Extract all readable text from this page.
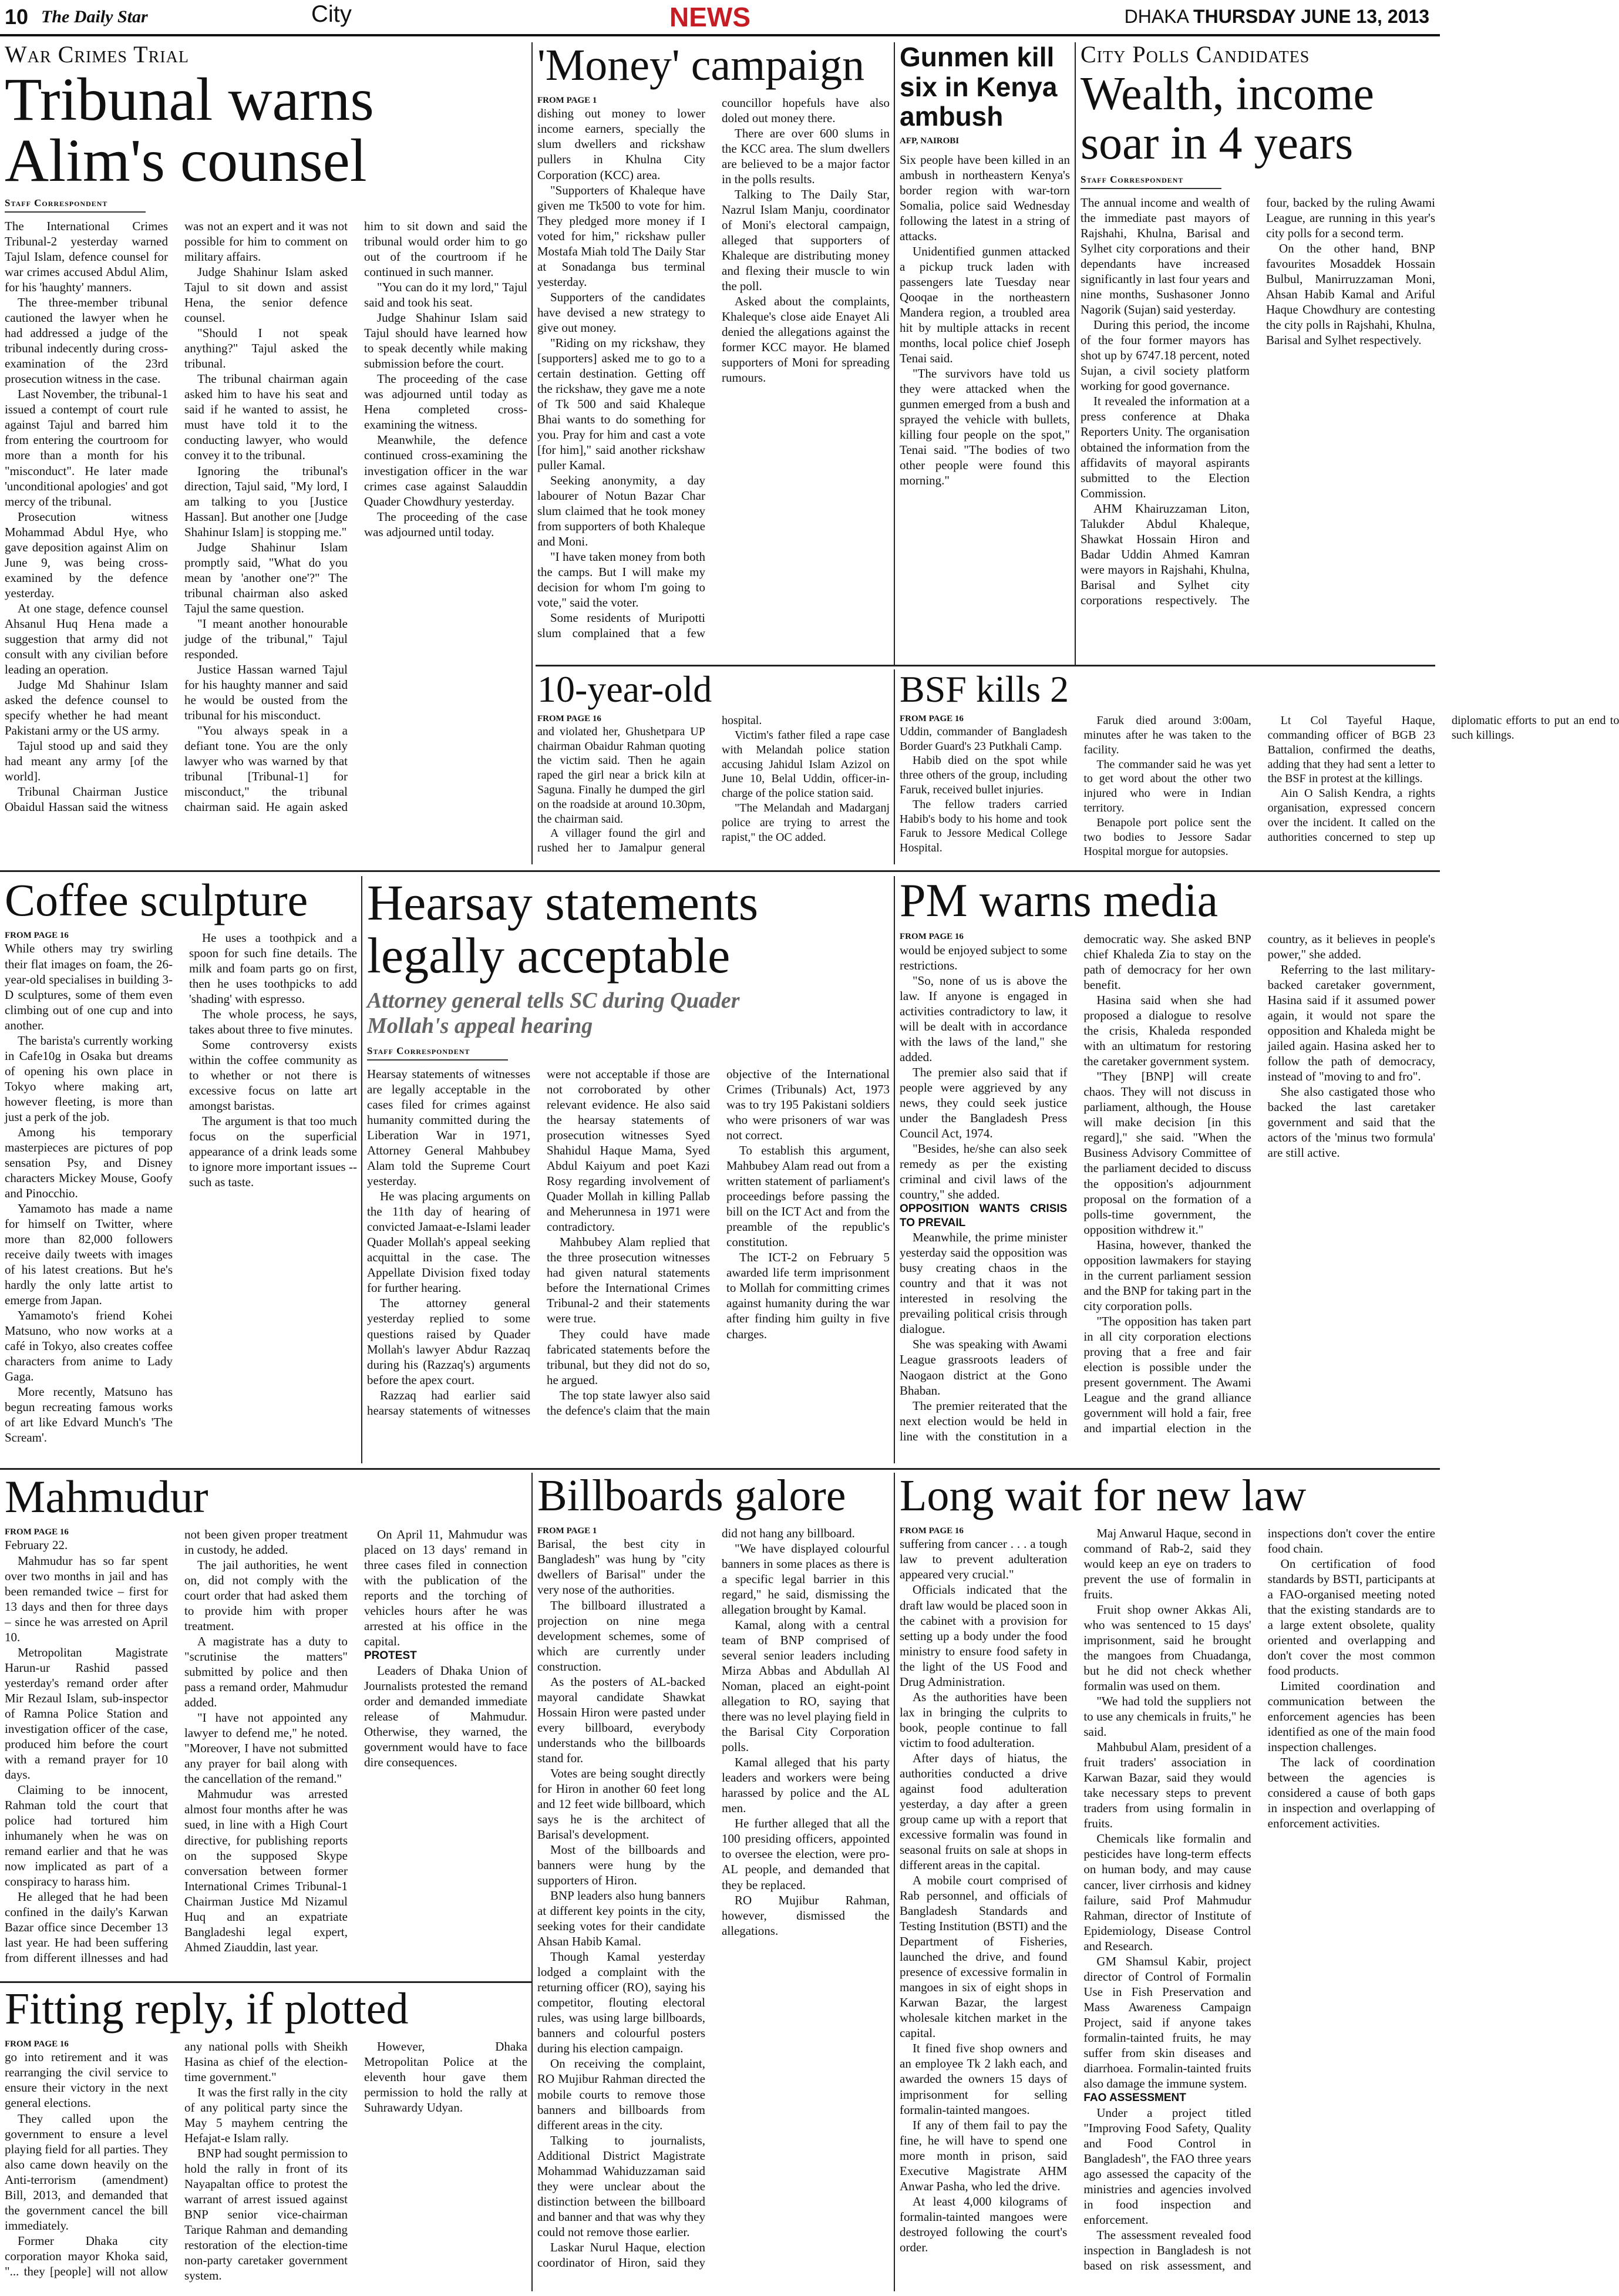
10 The Daily Star	City	NEWS	DHAKA THURSDAY JUNE 13, 2013
War Crimes Trial
Tribunal warns Alim's counsel
Staff Correspondent

The International Crimes Tribunal-2 yesterday warned Tajul Islam, defence counsel for war crimes accused Abdul Alim, for his 'haughty' manners.

The three-member tribunal cautioned the lawyer when he had addressed a judge of the tribunal indecently during cross-examination of the 23rd prosecution witness in the case.

Last November, the tribunal-1 issued a contempt of court rule against Tajul and barred him from entering the courtroom for more than a month for his "misconduct". He later made 'unconditional apologies' and got mercy of the tribunal.

Prosecution witness Mohammad Abdul Hye, who gave deposition against Alim on June 9, was being cross-examined by the defence yesterday.

At one stage, defence counsel Ahsanul Huq Hena made a suggestion that army did not consult with any civilian before leading an operation.

Judge Md Shahinur Islam asked the defence counsel to specify whether he had meant Pakistani army or the US army.

Tajul stood up and said they had meant any army [of the world].

Tribunal Chairman Justice Obaidul Hassan said the witness was not an expert and it was not possible for him to comment on military affairs.

Judge Shahinur Islam asked Tajul to sit down and assist Hena, the senior defence counsel.

"Should I not speak anything?" Tajul asked the tribunal.

The tribunal chairman again asked him to have his seat and said if he wanted to assist, he must have told it to the conducting lawyer, who would convey it to the tribunal.

Ignoring the tribunal's direction, Tajul said, "My lord, I am talking to you [Justice Hassan]. But another one [Judge Shahinur Islam] is stopping me."

Judge Shahinur Islam promptly said, "What do you mean by 'another one'?" The tribunal chairman also asked Tajul the same question.

"I meant another honourable judge of the tribunal," Tajul responded.

Justice Hassan warned Tajul for his haughty manner and said he would be ousted from the tribunal for his misconduct.

"You always speak in a defiant tone. You are the only lawyer who was warned by that tribunal [Tribunal-1] for misconduct," the tribunal chairman said. He again asked him to sit down and said the tribunal would order him to go out of the courtroom if he continued in such manner.

"You can do it my lord," Tajul said and took his seat.

Judge Shahinur Islam said Tajul should have learned how to speak decently while making submission before the court.

The proceeding of the case was adjourned until today as Hena completed cross-examining the witness.

Meanwhile, the defence continued cross-examining the investigation officer in the war crimes case against Salauddin Quader Chowdhury yesterday.

The proceeding of the case was adjourned until today.

'Money' campaign

FROM PAGE 1

dishing out money to lower income earners, specially the slum dwellers and rickshaw pullers in Khulna City Corporation (KCC) area.

"Supporters of Khaleque have given me Tk500 to vote for him. They pledged more money if I voted for him," rickshaw puller Mostafa Miah told The Daily Star at Sonadanga bus terminal yesterday.

Supporters of the candidates have devised a new strategy to give out money.

"Riding on my rickshaw, they [supporters] asked me to go to a certain destination. Getting off the rickshaw, they gave me a note of Tk 500 and said Khaleque Bhai wants to do something for you. Pray for him and cast a vote [for him]," said another rickshaw puller Kamal.

Seeking anonymity, a day labourer of Notun Bazar Char slum claimed that he took money from supporters of both Khaleque and Moni.

"I have taken money from both the camps. But I will make my decision for whom I'm going to vote," said the voter.

Some residents of Muripotti slum complained that a few councillor hopefuls have also doled out money there.

There are over 600 slums in the KCC area. The slum dwellers are believed to be a major factor in the polls results.

Talking to The Daily Star, Nazrul Islam Manju, coordinator of Moni's electoral campaign, alleged that supporters of Khaleque are distributing money and flexing their muscle to win the poll.

Asked about the complaints, Khaleque's close aide Enayet Ali denied the allegations against the former KCC mayor. He blamed supporters of Moni for spreading rumours.

Gunmen kill six in Kenya ambush

AFP, NAIROBI

Six people have been killed in an ambush in northeastern Kenya's border region with war-torn Somalia, police said Wednesday following the latest in a string of attacks.

Unidentified gunmen attacked a pickup truck laden with passengers late Tuesday near Qooqae in the northeastern Mandera region, a troubled area hit by multiple attacks in recent months, local police chief Joseph Tenai said.

"The survivors have told us they were attacked when the gunmen emerged from a bush and sprayed the vehicle with bullets, killing four people on the spot," Tenai said. "The bodies of two other people were found this morning."

City Polls Candidates
Wealth, income soar in 4 years
Staff Correspondent

The annual income and wealth of the immediate past mayors of Rajshahi, Khulna, Barisal and Sylhet city corporations and their dependants have increased significantly in last four years and nine months, Sushasoner Jonno Nagorik (Sujan) said yesterday.

During this period, the income of the four former mayors has shot up by 6747.18 percent, noted Sujan, a civil society platform working for good governance.

It revealed the information at a press conference at Dhaka Reporters Unity. The organisation obtained the information from the affidavits of mayoral aspirants submitted to the Election Commission.

AHM Khairuzzaman Liton, Talukder Abdul Khaleque, Shawkat Hossain Hiron and Badar Uddin Ahmed Kamran were mayors in Rajshahi, Khulna, Barisal and Sylhet city corporations respectively. The four, backed by the ruling Awami League, are running in this year's city polls for a second term.

On the other hand, BNP favourites Mosaddek Hossain Bulbul, Manirruzzaman Moni, Ahsan Habib Kamal and Ariful Haque Chowdhury are contesting the city polls in Rajshahi, Khulna, Barisal and Sylhet respectively.

10-year-old

FROM PAGE 16

and violated her, Ghushetpara UP chairman Obaidur Rahman quoting the victim said. Then he again raped the girl near a brick kiln at Saguna. Finally he dumped the girl on the roadside at around 10.30pm, the chairman said.

A villager found the girl and rushed her to Jamalpur general hospital.

Victim's father filed a rape case with Melandah police station accusing Jahidul Islam Azizol on June 10, Belal Uddin, officer-in-charge of the police station said.

"The Melandah and Madarganj police are trying to arrest the rapist," the OC added.

BSF kills 2

FROM PAGE 16

Uddin, commander of Bangladesh Border Guard's 23 Putkhali Camp.

Habib died on the spot while three others of the group, including Faruk, received bullet injuries.

The fellow traders carried Habib's body to his home and took Faruk to Jessore Medical College Hospital.

Faruk died around 3:00am, minutes after he was taken to the facility.

The commander said he was yet to get word about the other two injured who were in Indian territory.

Benapole port police sent the two bodies to Jessore Sadar Hospital morgue for autopsies.

Lt Col Tayeful Haque, commanding officer of BGB 23 Battalion, confirmed the deaths, adding that they had sent a letter to the BSF in protest at the killings.

Ain O Salish Kendra, a rights organisation, expressed concern over the incident. It called on the authorities concerned to step up diplomatic efforts to put an end to such killings.

Coffee sculpture

FROM PAGE 16

While others may try swirling their flat images on foam, the 26-year-old specialises in building 3-D sculptures, some of them even climbing out of one cup and into another.

The barista's currently working in Cafe10g in Osaka but dreams of opening his own place in Tokyo where making art, however fleeting, is more than just a perk of the job.

Among his temporary masterpieces are pictures of pop sensation Psy, and Disney characters Mickey Mouse, Goofy and Pinocchio.

Yamamoto has made a name for himself on Twitter, where more than 82,000 followers receive daily tweets with images of his latest creations. But he's hardly the only latte artist to emerge from Japan.

Yamamoto's friend Kohei Matsuno, who now works at a café in Tokyo, also creates coffee characters from anime to Lady Gaga.

More recently, Matsuno has begun recreating famous works of art like Edvard Munch's 'The Scream'.

He uses a toothpick and a spoon for such fine details. The milk and foam parts go on first, then he uses toothpicks to add 'shading' with espresso.

The whole process, he says, takes about three to five minutes.

Some controversy exists within the coffee community as to whether or not there is excessive focus on latte art amongst baristas.

The argument is that too much focus on the superficial appearance of a drink leads some to ignore more important issues -- such as taste.

Hearsay statements legally acceptable
Attorney general tells SC during Quader Mollah's appeal hearing
Staff Correspondent

Hearsay statements of witnesses are legally acceptable in the cases filed for crimes against humanity committed during the Liberation War in 1971, Attorney General Mahbubey Alam told the Supreme Court yesterday.

He was placing arguments on the 11th day of hearing of convicted Jamaat-e-Islami leader Quader Mollah's appeal seeking acquittal in the case. The Appellate Division fixed today for further hearing.

The attorney general yesterday replied to some questions raised by Quader Mollah's lawyer Abdur Razzaq during his (Razzaq's) arguments before the apex court.

Razzaq had earlier said hearsay statements of witnesses were not acceptable if those are not corroborated by other relevant evidence. He also said the hearsay statements of prosecution witnesses Syed Shahidul Haque Mama, Syed Abdul Kaiyum and poet Kazi Rosy regarding involvement of Quader Mollah in killing Pallab and Meherunnesa in 1971 were contradictory.

Mahbubey Alam replied that the three prosecution witnesses had given natural statements before the International Crimes Tribunal-2 and their statements were true.

They could have made fabricated statements before the tribunal, but they did not do so, he argued.

The top state lawyer also said the defence's claim that the main objective of the International Crimes (Tribunals) Act, 1973 was to try 195 Pakistani soldiers who were prisoners of war was not correct.

To establish this argument, Mahbubey Alam read out from a written statement of parliament's proceedings before passing the bill on the ICT Act and from the preamble of the republic's constitution.

The ICT-2 on February 5 awarded life term imprisonment to Mollah for committing crimes against humanity during the war after finding him guilty in five charges.

PM warns media

FROM PAGE 16

would be enjoyed subject to some restrictions.

"So, none of us is above the law. If anyone is engaged in activities contradictory to law, it will be dealt with in accordance with the laws of the land," she added.

The premier also said that if people were aggrieved by any news, they could seek justice under the Bangladesh Press Council Act, 1974.

"Besides, he/she can also seek remedy as per the existing criminal and civil laws of the country," she added.

OPPOSITION WANTS CRISIS TO PREVAIL

Meanwhile, the prime minister yesterday said the opposition was busy creating chaos in the country and that it was not interested in resolving the prevailing political crisis through dialogue.

She was speaking with Awami League grassroots leaders of Naogaon district at the Gono Bhaban.

The premier reiterated that the next election would be held in line with the constitution in a democratic way. She asked BNP chief Khaleda Zia to stay on the path of democracy for her own benefit.

Hasina said when she had proposed a dialogue to resolve the crisis, Khaleda responded with an ultimatum for restoring the caretaker government system.

"They [BNP] will create chaos. They will not discuss in parliament, although, the House will make decision [in this regard]," she said. "When the Business Advisory Committee of the parliament decided to discuss the opposition's adjournment proposal on the formation of a polls-time government, the opposition withdrew it."

Hasina, however, thanked the opposition lawmakers for staying in the current parliament session and the BNP for taking part in the city corporation polls.

"The opposition has taken part in all city corporation elections proving that a free and fair election is possible under the present government. The Awami League and the grand alliance government will hold a fair, free and impartial election in the country, as it believes in people's power," she added.

Referring to the last military-backed caretaker government, Hasina said if it assumed power again, it would not spare the opposition and Khaleda might be jailed again. Hasina asked her to follow the path of democracy, instead of "moving to and fro".

She also castigated those who backed the last caretaker government and said that the actors of the 'minus two formula' are still active.

Mahmudur

FROM PAGE 16

February 22.

Mahmudur has so far spent over two months in jail and has been remanded twice – first for 13 days and then for three days – since he was arrested on April 10.

Metropolitan Magistrate Harun-ur Rashid passed yesterday's remand order after Mir Rezaul Islam, sub-inspector of Ramna Police Station and investigation officer of the case, produced him before the court with a remand prayer for 10 days.

Claiming to be innocent, Rahman told the court that police had tortured him inhumanely when he was on remand earlier and that he was now implicated as part of a conspiracy to harass him.

He alleged that he had been confined in the daily's Karwan Bazar office since December 13 last year. He had been suffering from different illnesses and had not been given proper treatment in custody, he added.

The jail authorities, he went on, did not comply with the court order that had asked them to provide him with proper treatment.

A magistrate has a duty to "scrutinise the matters" submitted by police and then pass a remand order, Mahmudur added.

"I have not appointed any lawyer to defend me," he noted. "Moreover, I have not submitted any prayer for bail along with the cancellation of the remand."

Mahmudur was arrested almost four months after he was sued, in line with a High Court directive, for publishing reports on the supposed Skype conversation between former International Crimes Tribunal-1 Chairman Justice Md Nizamul Huq and an expatriate Bangladeshi legal expert, Ahmed Ziauddin, last year.

On April 11, Mahmudur was placed on 13 days' remand in three cases filed in connection with the publication of the reports and the torching of vehicles hours after he was arrested at his office in the capital.

PROTEST

Leaders of Dhaka Union of Journalists protested the remand order and demanded immediate release of Mahmudur. Otherwise, they warned, the government would have to face dire consequences.

Fitting reply, if plotted

FROM PAGE 16

go into retirement and it was rearranging the civil service to ensure their victory in the next general elections.

They called upon the government to ensure a level playing field for all parties. They also came down heavily on the Anti-terrorism (amendment) Bill, 2013, and demanded that the government cancel the bill immediately.

Former Dhaka city corporation mayor Khoka said, "... they [people] will not allow any national polls with Sheikh Hasina as chief of the election-time government."

It was the first rally in the city of any political party since the May 5 mayhem centring the Hefajat-e Islam rally.

BNP had sought permission to hold the rally in front of its Nayapaltan office to protest the warrant of arrest issued against BNP senior vice-chairman Tarique Rahman and demanding restoration of the election-time non-party caretaker government system.

However, Dhaka Metropolitan Police at the eleventh hour gave them permission to hold the rally at Suhrawardy Udyan.

Billboards galore

FROM PAGE 1

Barisal, the best city in Bangladesh" was hung by "city dwellers of Barisal" under the very nose of the authorities.

The billboard illustrated a projection on nine mega development schemes, some of which are currently under construction.

As the posters of AL-backed mayoral candidate Shawkat Hossain Hiron were pasted under every billboard, everybody understands who the billboards stand for.

Votes are being sought directly for Hiron in another 60 feet long and 12 feet wide billboard, which says he is the architect of Barisal's development.

Most of the billboards and banners were hung by the supporters of Hiron.

BNP leaders also hung banners at different key points in the city, seeking votes for their candidate Ahsan Habib Kamal.

Though Kamal yesterday lodged a complaint with the returning officer (RO), saying his competitor, flouting electoral rules, was using large billboards, banners and colourful posters during his election campaign.

On receiving the complaint, RO Mujibur Rahman directed the mobile courts to remove those banners and billboards from different areas in the city.

Talking to journalists, Additional District Magistrate Mohammad Wahiduzzaman said they were unclear about the distinction between the billboard and banner and that was why they could not remove those earlier.

Laskar Nurul Haque, election coordinator of Hiron, said they did not hang any billboard.

"We have displayed colourful banners in some places as there is a specific legal barrier in this regard," he said, dismissing the allegation brought by Kamal.

Kamal, along with a central team of BNP comprised of several senior leaders including Mirza Abbas and Abdullah Al Noman, placed an eight-point allegation to RO, saying that there was no level playing field in the Barisal City Corporation polls.

Kamal alleged that his party leaders and workers were being harassed by police and the AL men.

He further alleged that all the 100 presiding officers, appointed to oversee the election, were pro-AL people, and demanded that they be replaced.

RO Mujibur Rahman, however, dismissed the allegations.

Long wait for new law

FROM PAGE 16

suffering from cancer . . . a tough law to prevent adulteration appeared very crucial."

Officials indicated that the draft law would be placed soon in the cabinet with a provision for setting up a body under the food ministry to ensure food safety in the light of the US Food and Drug Administration.

As the authorities have been lax in bringing the culprits to book, people continue to fall victim to food adulteration.

After days of hiatus, the authorities conducted a drive against food adulteration yesterday, a day after a green group came up with a report that excessive formalin was found in seasonal fruits on sale at shops in different areas in the capital.

A mobile court comprised of Rab personnel, and officials of Bangladesh Standards and Testing Institution (BSTI) and the Department of Fisheries, launched the drive, and found presence of excessive formalin in mangoes in six of eight shops in Karwan Bazar, the largest wholesale kitchen market in the capital.

It fined five shop owners and an employee Tk 2 lakh each, and awarded the owners 15 days of imprisonment for selling formalin-tainted mangoes.

If any of them fail to pay the fine, he will have to spend one more month in prison, said Executive Magistrate AHM Anwar Pasha, who led the drive.

At least 4,000 kilograms of formalin-tainted mangoes were destroyed following the court's order.

Maj Anwarul Haque, second in command of Rab-2, said they would keep an eye on traders to prevent the use of formalin in fruits.

Fruit shop owner Akkas Ali, who was sentenced to 15 days' imprisonment, said he brought the mangoes from Chuadanga, but he did not check whether formalin was used on them.

"We had told the suppliers not to use any chemicals in fruits," he said.

Mahbubul Alam, president of a fruit traders' association in Karwan Bazar, said they would take necessary steps to prevent traders from using formalin in fruits.

Chemicals like formalin and pesticides have long-term effects on human body, and may cause cancer, liver cirrhosis and kidney failure, said Prof Mahmudur Rahman, director of Institute of Epidemiology, Disease Control and Research.

GM Shamsul Kabir, project director of Control of Formalin Use in Fish Preservation and Mass Awareness Campaign Project, said if anyone takes formalin-tainted fruits, he may suffer from skin diseases and diarrhoea. Formalin-tainted fruits also damage the immune system.

FAO ASSESSMENT

Under a project titled "Improving Food Safety, Quality and Food Control in Bangladesh", the FAO three years ago assessed the capacity of the ministries and agencies involved in food inspection and enforcement.

The assessment revealed food inspection in Bangladesh is not based on risk assessment, and inspections don't cover the entire food chain.

On certification of food standards by BSTI, participants at a FAO-organised meeting noted that the existing standards are to a large extent obsolete, quality oriented and overlapping and don't cover the most common food products.

Limited coordination and communication between the enforcement agencies has been identified as one of the main food inspection challenges.

The lack of coordination between the agencies is considered a cause of both gaps in inspection and overlapping of enforcement activities.
